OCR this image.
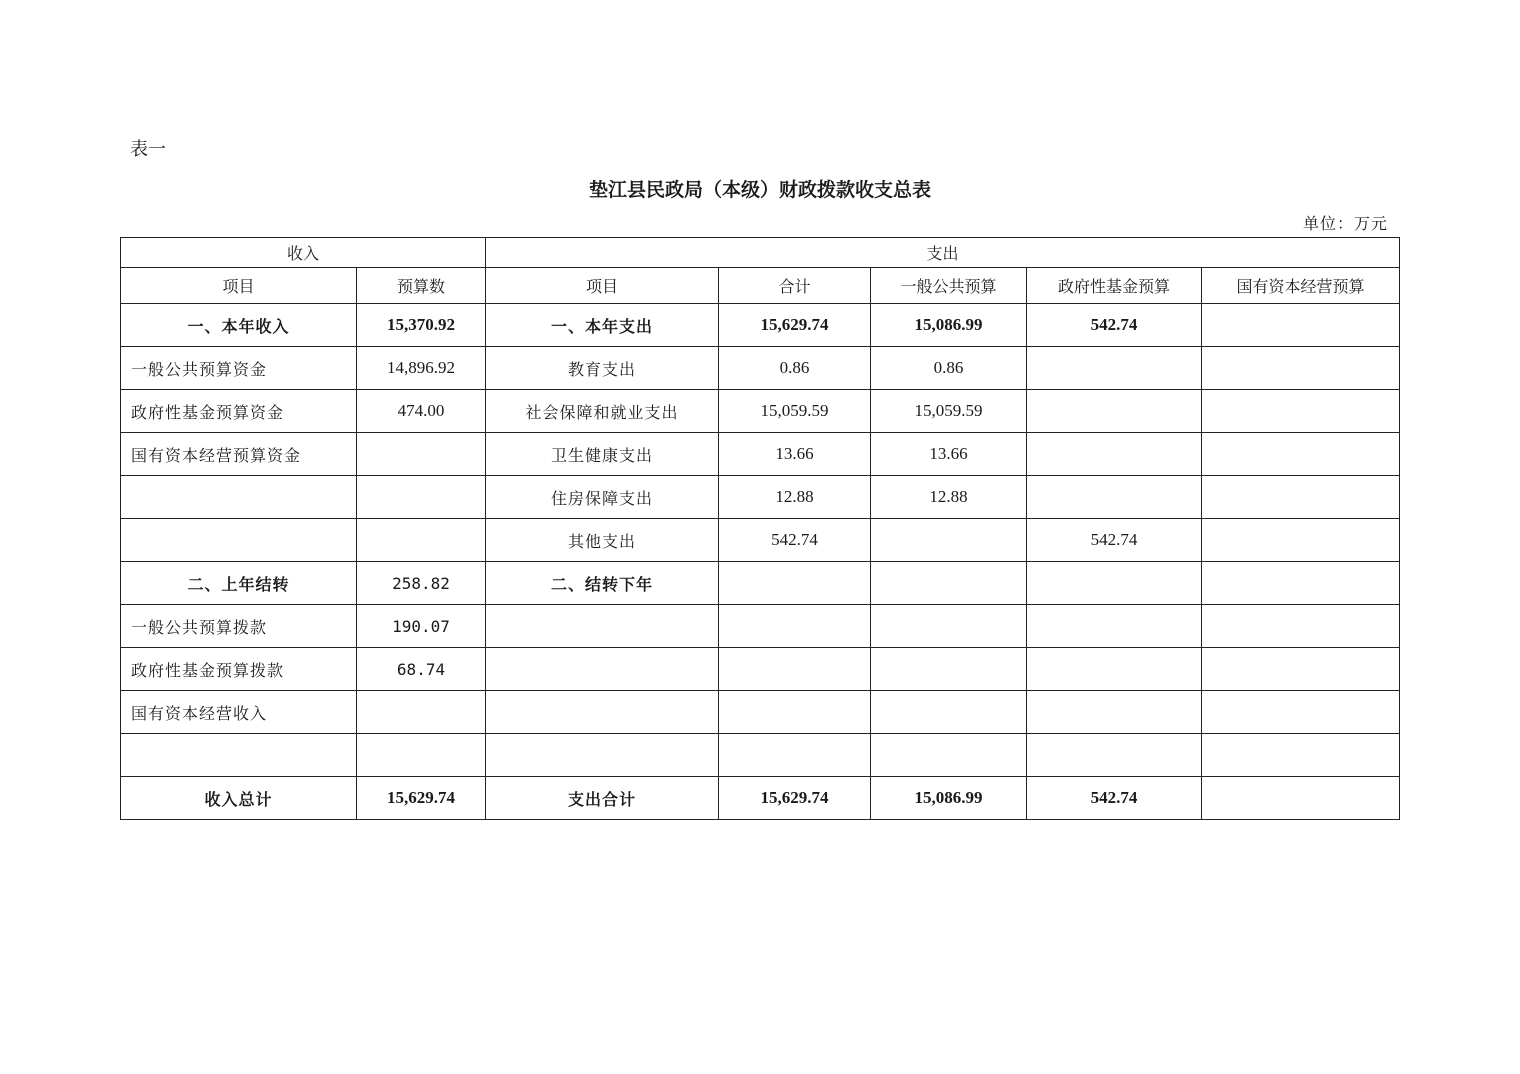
表一
垫江县民政局（本级）财政拨款收支总表
单位：万元
收入		支出				
项目	预算数	项目	合计	一般公共预算	政府性基金预算	国有资本经营预算
一、本年收入	15,370.92	一、本年支出	15,629.74	15,086.99	542.74	
一般公共预算资金	14,896.92	教育支出	0.86	0.86		
政府性基金预算资金	474.00	社会保障和就业支出	15,059.59	15,059.59		
国有资本经营预算资金		卫生健康支出	13.66	13.66		
		住房保障支出	12.88	12.88		
		其他支出	542.74		542.74	
二、上年结转	258.82	二、结转下年				
一般公共预算拨款	190.07					
政府性基金预算拨款	68.74					
国有资本经营收入						

收入总计	15,629.74	支出合计	15,629.74	15,086.99	542.74	
